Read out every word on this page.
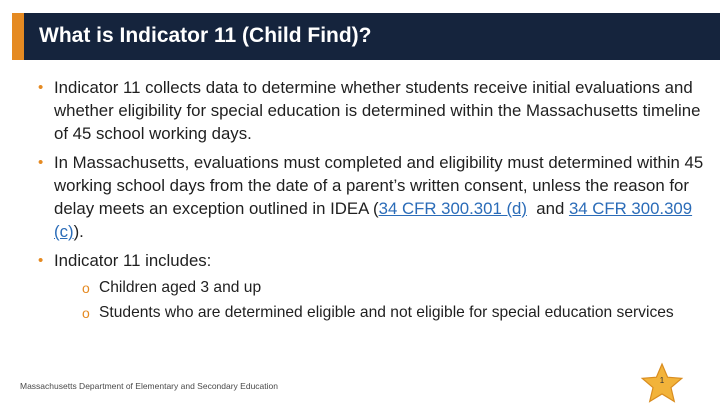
What is Indicator 11 (Child Find)?
• Indicator 11 collects data to determine whether students receive initial evaluations and whether eligibility for special education is determined within the Massachusetts timeline of 45 school working days.
• In Massachusetts, evaluations must completed and eligibility must determined within 45 working school days from the date of a parent’s written consent, unless the reason for delay meets an exception outlined in IDEA (34 CFR 300.301 (d)  and 34 CFR 300.309 (c)).
• Indicator 11 includes:
o Children aged 3 and up
o Students who are determined eligible and not eligible for special education services
Massachusetts Department of Elementary and Secondary Education
1
